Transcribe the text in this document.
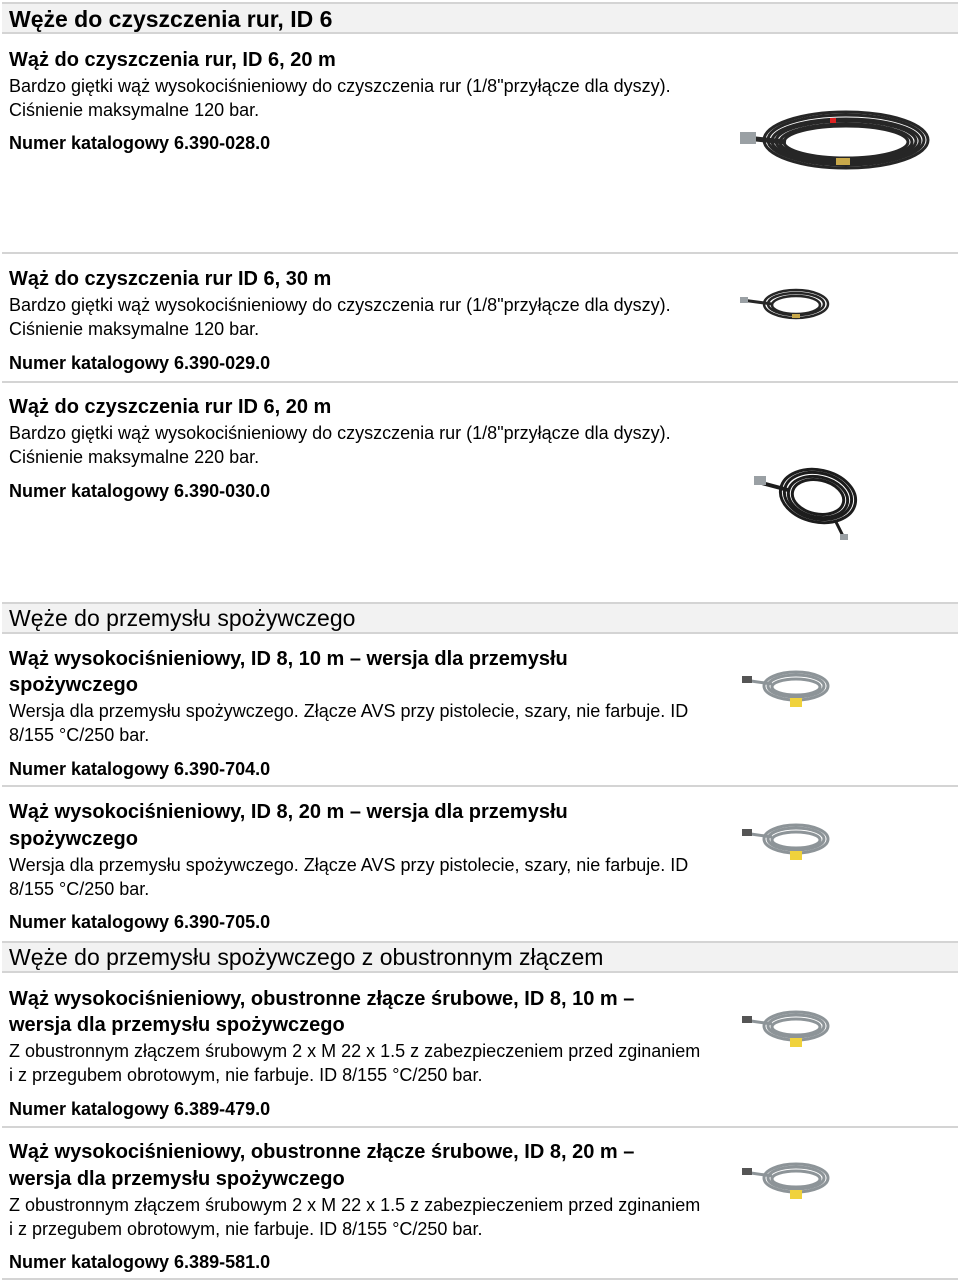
Węże do czyszczenia rur, ID 6
Wąż do czyszczenia rur, ID 6, 20 m
Bardzo giętki wąż wysokociśnieniowy do czyszczenia rur (1/8"przyłącze dla dyszy). Ciśnienie maksymalne 120 bar.
Numer katalogowy 6.390-028.0
Wąż do czyszczenia rur ID 6, 30 m
Bardzo giętki wąż wysokociśnieniowy do czyszczenia rur (1/8"przyłącze dla dyszy). Ciśnienie maksymalne 120 bar.
Numer katalogowy 6.390-029.0
Wąż do czyszczenia rur ID 6, 20 m
Bardzo giętki wąż wysokociśnieniowy do czyszczenia rur (1/8"przyłącze dla dyszy). Ciśnienie maksymalne 220 bar.
Numer katalogowy 6.390-030.0
Węże do przemysłu spożywczego
Wąż wysokociśnieniowy, ID 8, 10 m – wersja dla przemysłu
spożywczego
Wersja dla przemysłu spożywczego. Złącze AVS przy pistolecie, szary, nie farbuje. ID 8/155 °C/250 bar.
Numer katalogowy 6.390-704.0
Wąż wysokociśnieniowy, ID 8, 20 m – wersja dla przemysłu
spożywczego
Wersja dla przemysłu spożywczego. Złącze AVS przy pistolecie, szary, nie farbuje. ID 8/155 °C/250 bar.
Numer katalogowy 6.390-705.0
Węże do przemysłu spożywczego z obustronnym złączem
Wąż wysokociśnieniowy, obustronne złącze śrubowe, ID 8, 10 m –
wersja dla przemysłu spożywczego
Z obustronnym złączem śrubowym 2 x M 22 x 1.5 z zabezpieczeniem przed zginaniem i z przegubem obrotowym, nie farbuje. ID 8/155 °C/250 bar.
Numer katalogowy 6.389-479.0
Wąż wysokociśnieniowy, obustronne złącze śrubowe, ID 8, 20 m –
wersja dla przemysłu spożywczego
Z obustronnym złączem śrubowym 2 x M 22 x 1.5 z zabezpieczeniem przed zginaniem i z przegubem obrotowym, nie farbuje. ID 8/155 °C/250 bar.
Numer katalogowy 6.389-581.0
